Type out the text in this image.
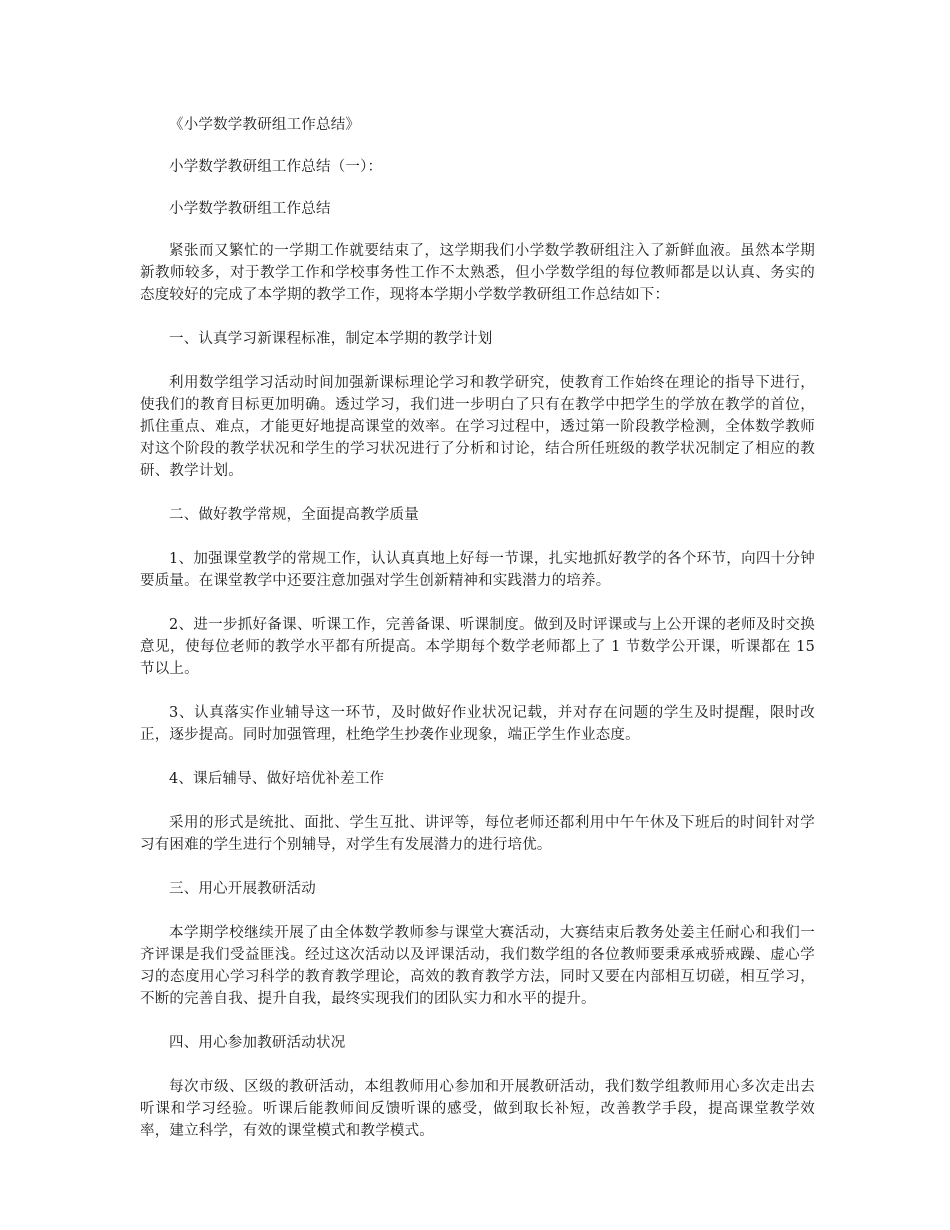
《小学数学教研组工作总结》

小学数学教研组工作总结（一）：

小学数学教研组工作总结

紧张而又繁忙的一学期工作就要结束了，这学期我们小学数学教研组注入了新鲜血液。虽然本学期新教师较多，对于教学工作和学校事务性工作不太熟悉，但小学数学组的每位教师都是以认真、务实的态度较好的完成了本学期的教学工作，现将本学期小学数学教研组工作总结如下：

一、认真学习新课程标准，制定本学期的教学计划

利用数学组学习活动时间加强新课标理论学习和教学研究，使教育工作始终在理论的指导下进行，使我们的教育目标更加明确。透过学习，我们进一步明白了只有在教学中把学生的学放在教学的首位，抓住重点、难点，才能更好地提高课堂的效率。在学习过程中，透过第一阶段教学检测，全体数学教师对这个阶段的教学状况和学生的学习状况进行了分析和讨论，结合所任班级的教学状况制定了相应的教研、教学计划。

二、做好教学常规，全面提高教学质量

1、加强课堂教学的常规工作，认认真真地上好每一节课，扎实地抓好教学的各个环节，向四十分钟要质量。在课堂教学中还要注意加强对学生创新精神和实践潜力的培养。

2、进一步抓好备课、听课工作，完善备课、听课制度。做到及时评课或与上公开课的老师及时交换意见，使每位老师的教学水平都有所提高。本学期每个数学老师都上了 1 节数学公开课，听课都在 15 节以上。

3、认真落实作业辅导这一环节，及时做好作业状况记载，并对存在问题的学生及时提醒，限时改正，逐步提高。同时加强管理，杜绝学生抄袭作业现象，端正学生作业态度。

4、课后辅导、做好培优补差工作

采用的形式是统批、面批、学生互批、讲评等，每位老师还都利用中午午休及下班后的时间针对学习有困难的学生进行个别辅导，对学生有发展潜力的进行培优。

三、用心开展教研活动

本学期学校继续开展了由全体数学教师参与课堂大赛活动，大赛结束后教务处姜主任耐心和我们一齐评课是我们受益匪浅。经过这次活动以及评课活动，我们数学组的各位教师要秉承戒骄戒躁、虚心学习的态度用心学习科学的教育教学理论，高效的教育教学方法，同时又要在内部相互切磋，相互学习，不断的完善自我、提升自我，最终实现我们的团队实力和水平的提升。

四、用心参加教研活动状况

每次市级、区级的教研活动，本组教师用心参加和开展教研活动，我们数学组教师用心多次走出去听课和学习经验。听课后能教师间反馈听课的感受，做到取长补短，改善教学手段，提高课堂教学效率，建立科学，有效的课堂模式和教学模式。
